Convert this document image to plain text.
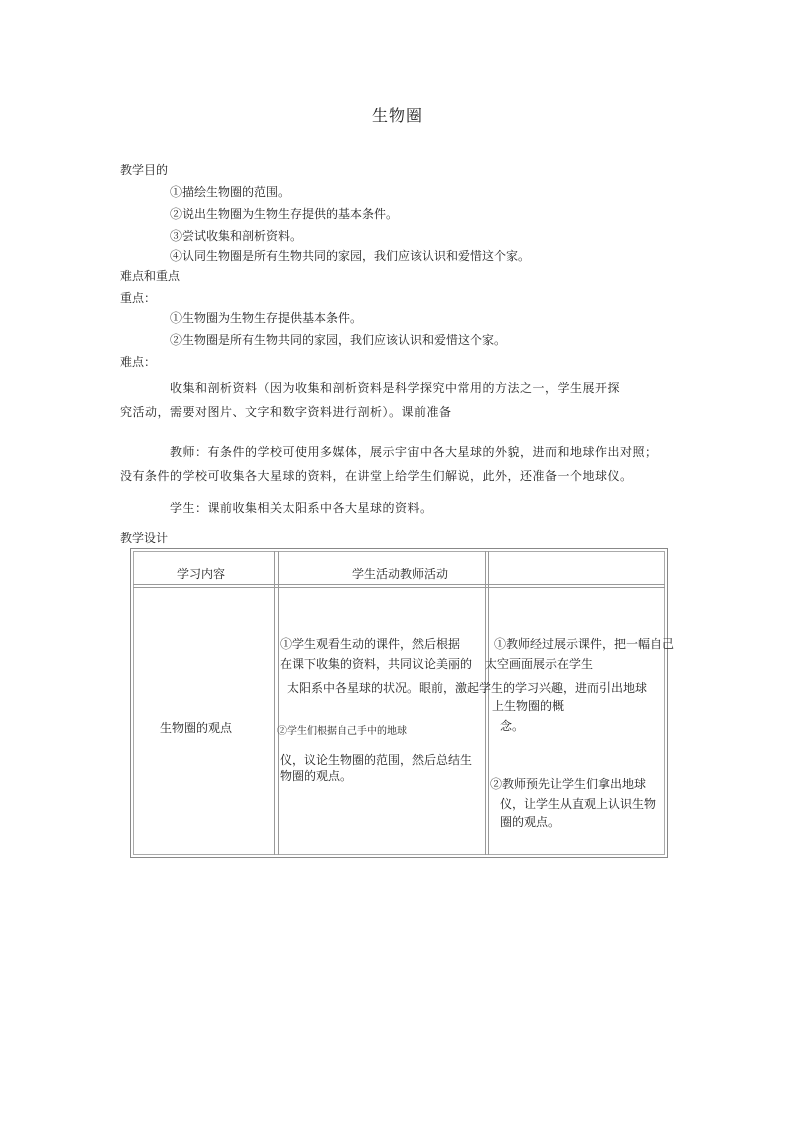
生物圈
教学目的
①描绘生物圈的范围。
②说出生物圈为生物生存提供的基本条件。
③尝试收集和剖析资料。
④认同生物圈是所有生物共同的家园，我们应该认识和爱惜这个家。
难点和重点
重点：
①生物圈为生物生存提供基本条件。
②生物圈是所有生物共同的家园，我们应该认识和爱惜这个家。
难点：
收集和剖析资料（因为收集和剖析资料是科学探究中常用的方法之一，学生展开探
究活动，需要对图片、文字和数字资料进行剖析）。课前准备
教师：有条件的学校可使用多媒体，展示宇宙中各大星球的外貌，进而和地球作出对照；
没有条件的学校可收集各大星球的资料，在讲堂上给学生们解说，此外，还准备一个地球仪。
学生：课前收集相关太阳系中各大星球的资料。
教学设计
学习内容	学生活动教师活动
生物圈的观点
①学生观看生动的课件，然后根据
在课下收集的资料，共同议论美丽的
太阳系中各星球的状况。眼前，激起学生的学习兴趣，进而引出地球
②学生们根据自己手中的地球
仪，议论生物圈的范围，然后总结生
物圈的观点。
①教师经过展示课件，把一幅自己
太空画面展示在学生
上生物圈的概
念。
②教师预先让学生们拿出地球
仪，让学生从直观上认识生物
圈的观点。
